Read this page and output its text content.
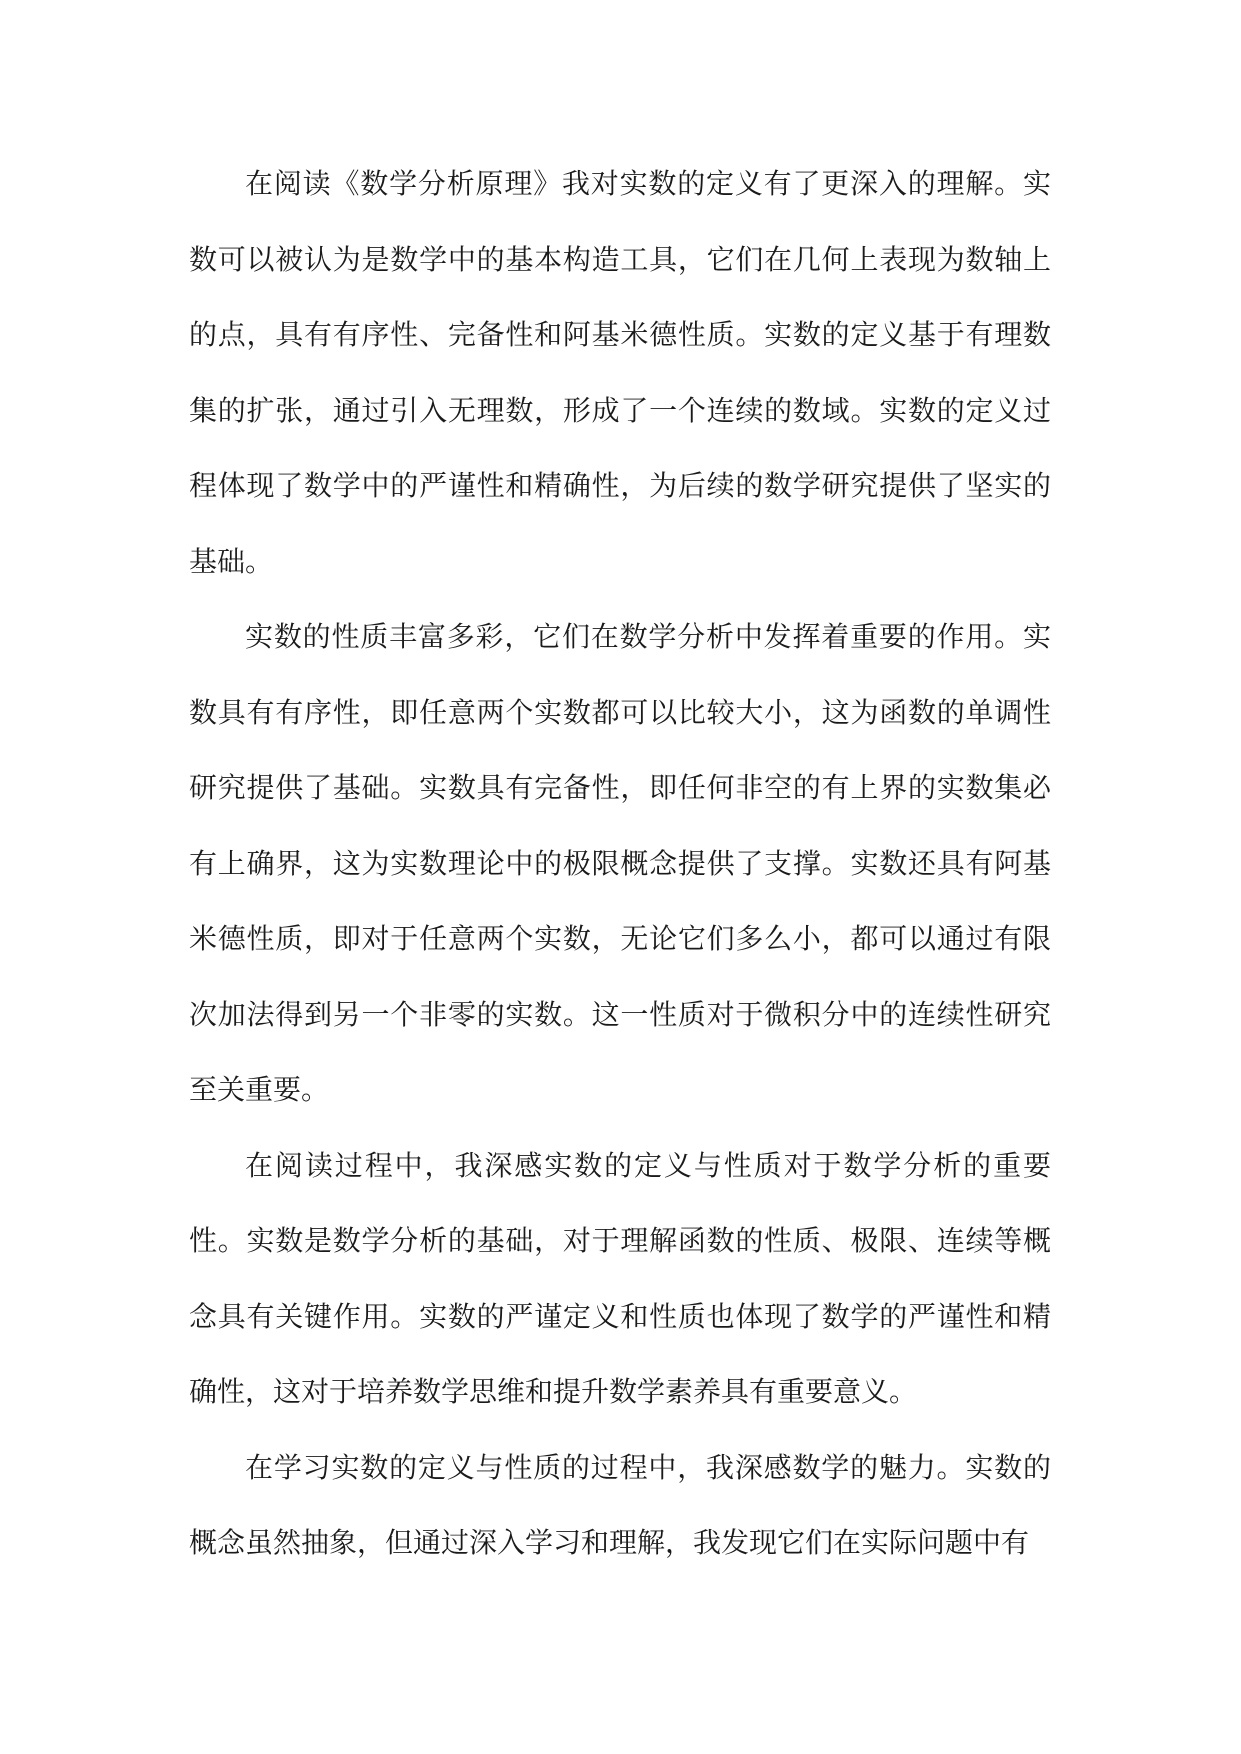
在阅读《数学分析原理》我对实数的定义有了更深入的理解。实数可以被认为是数学中的基本构造工具，它们在几何上表现为数轴上的点，具有有序性、完备性和阿基米德性质。实数的定义基于有理数集的扩张，通过引入无理数，形成了一个连续的数域。实数的定义过程体现了数学中的严谨性和精确性，为后续的数学研究提供了坚实的基础。

实数的性质丰富多彩，它们在数学分析中发挥着重要的作用。实数具有有序性，即任意两个实数都可以比较大小，这为函数的单调性研究提供了基础。实数具有完备性，即任何非空的有上界的实数集必有上确界，这为实数理论中的极限概念提供了支撑。实数还具有阿基米德性质，即对于任意两个实数，无论它们多么小，都可以通过有限次加法得到另一个非零的实数。这一性质对于微积分中的连续性研究至关重要。

在阅读过程中，我深感实数的定义与性质对于数学分析的重要性。实数是数学分析的基础，对于理解函数的性质、极限、连续等概念具有关键作用。实数的严谨定义和性质也体现了数学的严谨性和精确性，这对于培养数学思维和提升数学素养具有重要意义。

在学习实数的定义与性质的过程中，我深感数学的魅力。实数的概念虽然抽象，但通过深入学习和理解，我发现它们在实际问题中有
